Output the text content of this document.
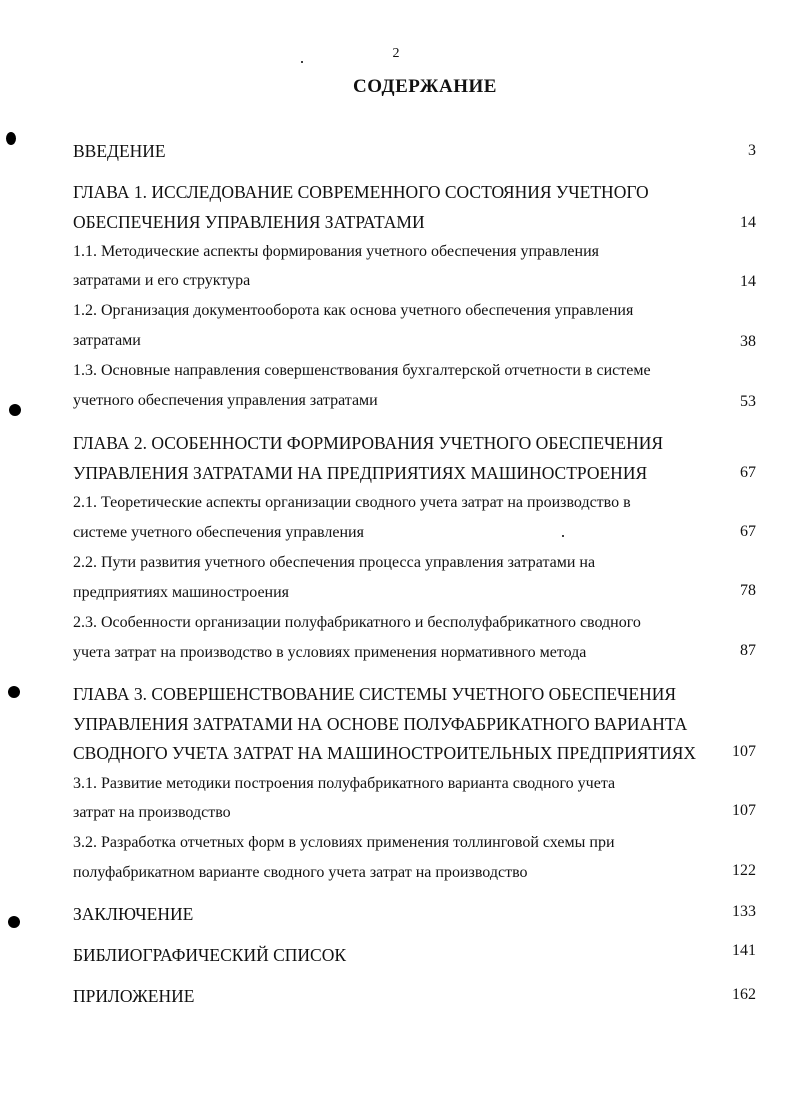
2
СОДЕРЖАНИЕ
ВВЕДЕНИЕ	3
ГЛАВА 1. ИССЛЕДОВАНИЕ СОВРЕМЕННОГО СОСТОЯНИЯ УЧЕТНОГО
ОБЕСПЕЧЕНИЯ УПРАВЛЕНИЯ ЗАТРАТАМИ	14
1.1. Методические аспекты формирования учетного обеспечения управления
затратами и его структура	14
1.2. Организация документооборота как основа учетного обеспечения управления
затратами	38
1.3. Основные направления совершенствования бухгалтерской отчетности в системе
учетного обеспечения управления затратами	53
ГЛАВА 2. ОСОБЕННОСТИ ФОРМИРОВАНИЯ УЧЕТНОГО ОБЕСПЕЧЕНИЯ
УПРАВЛЕНИЯ ЗАТРАТАМИ НА ПРЕДПРИЯТИЯХ МАШИНОСТРОЕНИЯ	67
2.1. Теоретические аспекты организации сводного учета затрат на производство в
системе учетного обеспечения управления	67
2.2. Пути развития учетного обеспечения процесса управления затратами на
предприятиях машиностроения	78
2.3. Особенности организации полуфабрикатного и бесполуфабрикатного сводного
учета затрат на производство в условиях применения нормативного метода	87
ГЛАВА 3. СОВЕРШЕНСТВОВАНИЕ СИСТЕМЫ УЧЕТНОГО ОБЕСПЕЧЕНИЯ
УПРАВЛЕНИЯ ЗАТРАТАМИ НА ОСНОВЕ ПОЛУФАБРИКАТНОГО ВАРИАНТА
СВОДНОГО УЧЕТА ЗАТРАТ НА МАШИНОСТРОИТЕЛЬНЫХ ПРЕДПРИЯТИЯХ	107
3.1. Развитие методики построения полуфабрикатного варианта сводного учета
затрат на производство	107
3.2. Разработка отчетных форм в условиях применения толлинговой схемы при
полуфабрикатном варианте сводного учета затрат на производство	122
ЗАКЛЮЧЕНИЕ	133
БИБЛИОГРАФИЧЕСКИЙ СПИСОК	141
ПРИЛОЖЕНИЕ	162
